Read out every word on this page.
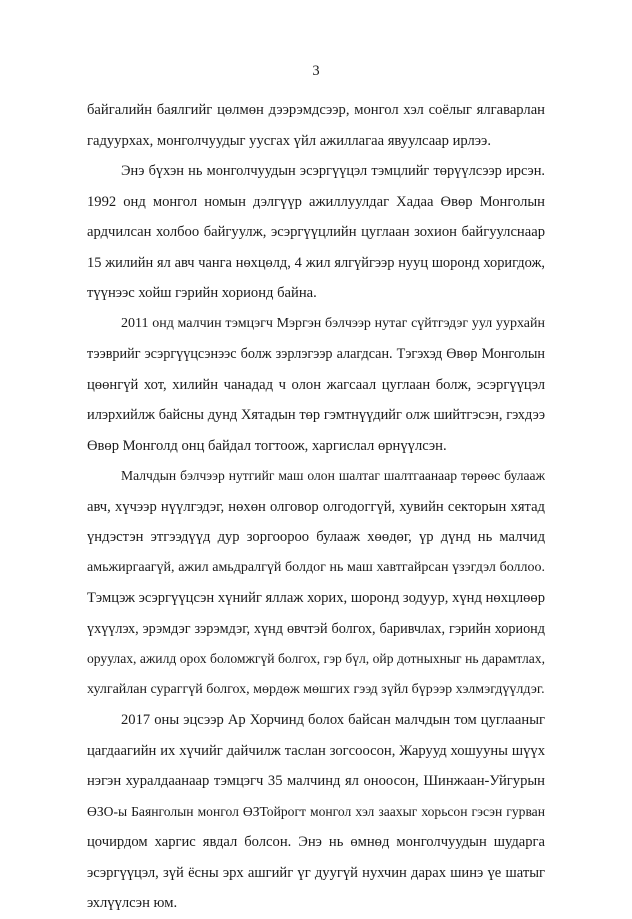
3
байгалийн баялгийг цөлмөн дээрэмдсээр, монгол хэл соёлыг ялгаварлан
гадуурхах, монголчуудыг уусгах үйл ажиллагаа явуулсаар ирлээ.
Энэ бүхэн нь монголчуудын эсэргүүцэл тэмцлийг төрүүлсээр ирсэн.
1992 онд монгол номын дэлгүүр ажиллуулдаг Хадаа Өвөр Монголын
ардчилсан холбоо байгуулж, эсэргүүцлийн цуглаан зохион байгуулснаар
15 жилийн ял авч чанга нөхцөлд, 4 жил ялгүйгээр нууц шоронд хоригдож,
түүнээс хойш гэрийн хорионд байна.
2011 онд малчин тэмцэгч Мэргэн бэлчээр нутаг сүйтгэдэг уул уурхайн
тээврийг эсэргүүцсэнээс болж зэрлэгээр алагдсан. Тэгэхэд Өвөр Монголын
цөөнгүй хот, хилийн чанадад ч олон жагсаал цуглаан болж, эсэргүүцэл
илэрхийлж байсны дунд Хятадын төр гэмтнүүдийг олж шийтгэсэн, гэхдээ
Өвөр Монголд онц байдал тогтоож, харгислал өрнүүлсэн.
Малчдын бэлчээр нутгийг маш олон шалтаг шалтгаанаар төрөөс булааж
авч, хүчээр нүүлгэдэг, нөхөн олговор олгодоггүй, хувийн секторын хятад
үндэстэн этгээдүүд дур зоргоороо булааж хөөдөг, үр дүнд нь малчид
амьжиргаагүй, ажил амьдралгүй болдог нь маш хавтгайрсан үзэгдэл боллоо.
Тэмцэж эсэргүүцсэн хүнийг яллаж хорих, шоронд зодуур, хүнд нөхцлөөр
үхүүлэх, эрэмдэг зэрэмдэг, хүнд өвчтэй болгох, баривчлах, гэрийн хорионд
оруулах, ажилд орох боломжгүй болгох, гэр бүл, ойр дотныхныг нь дарамтлах,
хулгайлан сураггүй болгох, мөрдөж мөшгих гээд зүйл бүрээр хэлмэгдүүлдэг.
2017 оны эцсээр Ар Хорчинд болох байсан малчдын том цуглааныг
цагдаагийн их хүчийг дайчилж таслан зогсоосон, Жарууд хошууны шүүх
нэгэн хуралдаанаар тэмцэгч 35 малчинд ял оноосон, Шинжаан-Уйгурын
ӨЗО-ы Баянголын монгол ӨЗТойрогт монгол хэл заахыг хорьсон гэсэн гурван
цочирдом харгис явдал болсон. Энэ нь өмнөд монголчуудын шударга
эсэргүүцэл, зүй ёсны эрх ашгийг үг дуугүй нухчин дарах шинэ үе шатыг
эхлүүлсэн юм.
